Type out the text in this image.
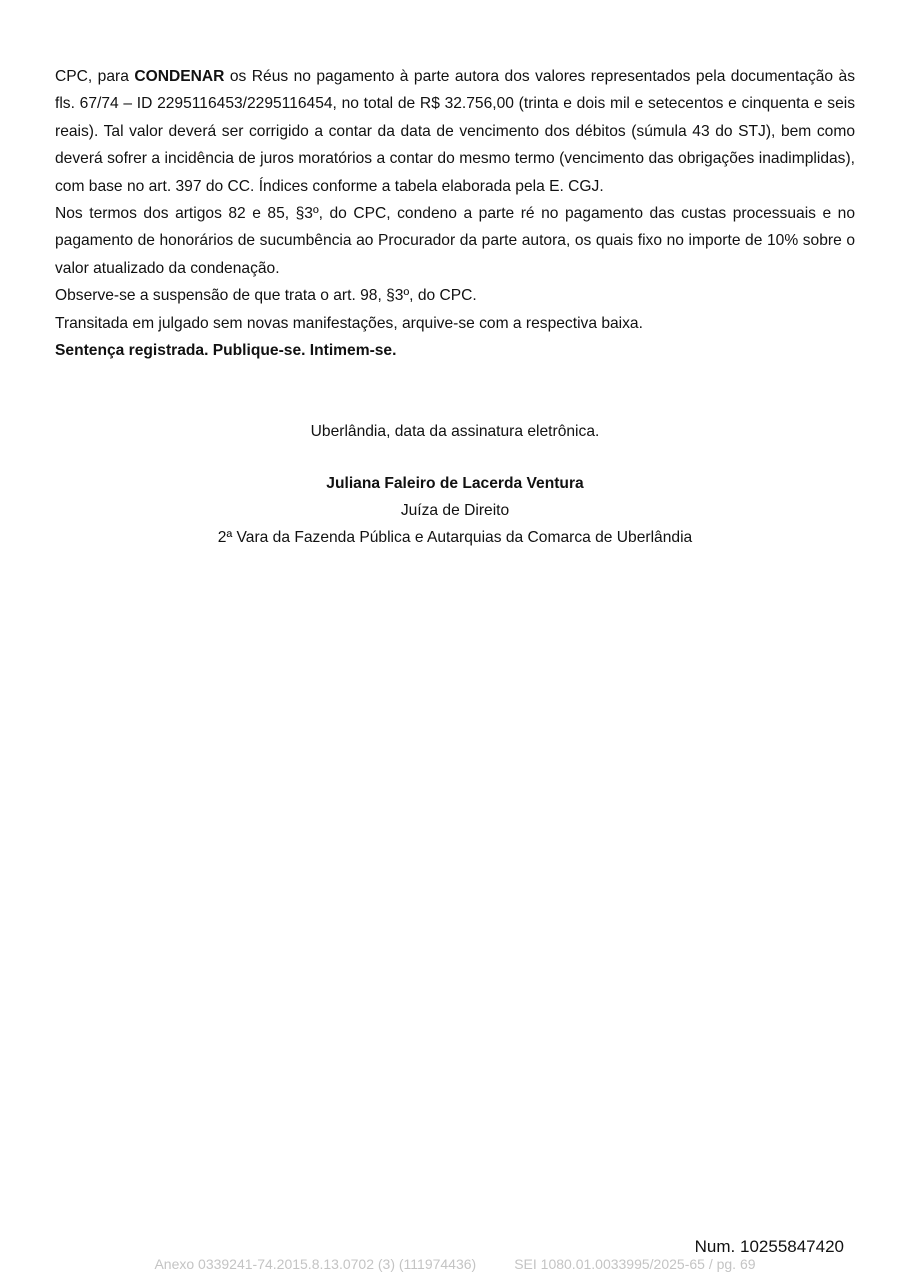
CPC, para CONDENAR os Réus no pagamento à parte autora dos valores representados pela documentação às fls. 67/74 – ID 2295116453/2295116454, no total de R$ 32.756,00 (trinta e dois mil e setecentos e cinquenta e seis reais). Tal valor deverá ser corrigido a contar da data de vencimento dos débitos (súmula 43 do STJ), bem como deverá sofrer a incidência de juros moratórios a contar do mesmo termo (vencimento das obrigações inadimplidas), com base no art. 397 do CC. Índices conforme a tabela elaborada pela E. CGJ.

Nos termos dos artigos 82 e 85, §3º, do CPC, condeno a parte ré no pagamento das custas processuais e no pagamento de honorários de sucumbência ao Procurador da parte autora, os quais fixo no importe de 10% sobre o valor atualizado da condenação.

Observe-se a suspensão de que trata o art. 98, §3º, do CPC.

Transitada em julgado sem novas manifestações, arquive-se com a respectiva baixa.

Sentença registrada. Publique-se. Intimem-se.

Uberlândia, data da assinatura eletrônica.
Juliana Faleiro de Lacerda Ventura
Juíza de Direito
2ª Vara da Fazenda Pública e Autarquias da Comarca de Uberlândia
Num. 10255847420
Anexo 0339241-74.2015.8.13.0702 (3) (111974436)	SEI 1080.01.0033995/2025-65 / pg. 69
